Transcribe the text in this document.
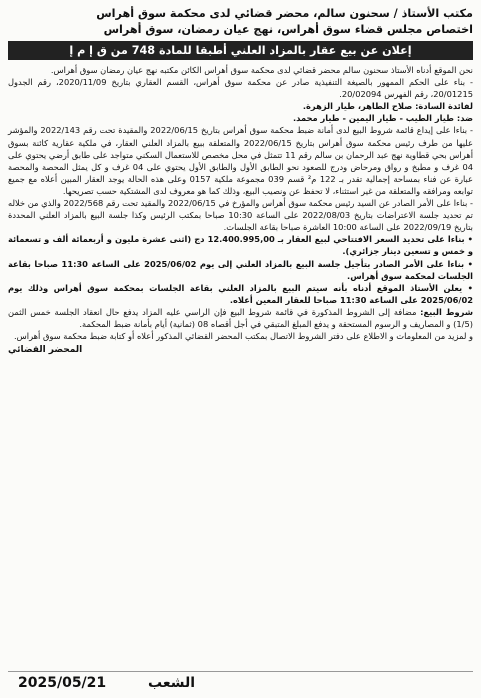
مكتب الأستاذ / سحنون سالم، محضر قضائي لدى محكمة سوق أهراس
اختصاص مجلس قضاء سوق أهراس، نهج عيان رمضان، سوق أهراس
إعلان عن بيع عقار بالمزاد العلني أطبقا للمادة 748 من ق إ م إ

نحن الموقع أدناه الأستاذ سحنون سالم محضر قضائي لدى محكمة سوق أهراس الكائن مكتبه نهج عيان رمضان سوق أهراس.

- بناء على الحكم الممهور بالصيغة التنفيذية صادر عن محكمة سوق أهراس، القسم العقاري بتاريخ 2020/11/09، رقم الجدول 20/01215، رقم الفهرس 20/02094.

لفائدة السادة: صلاح الطاهر، طيار الزهرة.

ضد: طيار الطيب - طيار اليمين - طيار محمد.

- بناءا على إيداع قائمة شروط البيع لدى أمانة ضبط محكمة سوق أهراس بتاريخ 2022/06/15 والمقيدة تحت رقم 2022/143 والمؤشر عليها من طرف رئيس محكمة سوق أهراس بتاريخ 2022/06/15 والمتعلقة ببيع بالمزاد العلني العقار، في ملكية عقارية كائنة بسوق أهراس بحي قطاوية نهج عبد الرحمان بن سالم رقم 11 تتمثل في محل مخصص للاستعمال السكني متواجد على طابق أرضي يحتوي على 04 غرف و مطبخ و رواق ومرحاض ودرج للصعود نحو الطابق الأول والطابق الأول يحتوي على 04 غرف و كل يمثل المحصة والمحصة عبارة عن فناء بمساحة إجمالية تقدر بـ 122 م² قسم 039 مجموعة ملكية 0157 وعلى هذه الحالة يوجد العقار المبين أعلاه مع جميع توابعه ومرافقه والمتعلقة من غير استثناء، لا تحفظ عن ونصيب البيع، وذلك كما هو معروف لدى المشتكية حسب تصريحها.

- بناءا على الأمر الصادر عن السيد رئيس محكمة سوق أهراس والمؤرخ في 2022/06/15 والمقيد تحت رقم 2022/568 والذي من خلاله تم تحديد جلسة الاعتراضات بتاريخ 2022/08/03 على الساعة 10:30 صباحا بمكتب الرئيس وكذا جلسة البيع بالمزاد العلني المحددة بتاريخ 2022/09/19 على الساعة 10:00 العاشرة صباحا بقاعة الجلسات.

• بناءا على تحديد السعر الافتتاحي لبيع العقار بـ 12.400.995,00 دج (اثنى عشرة مليون و أربعمائة ألف و تسعمائة و خمس و تسعين دينار جزائري).

• بناءا على الأمر الصادر بتأجيل جلسة البيع بالمزاد العلني إلى يوم 2025/06/02 على الساعة 11:30 صباحا بقاعة الجلسات لمحكمة سوق أهراس.

• يعلن الأستاذ الموقع أدناه بأنه سيتم البيع بالمزاد العلني بقاعة الجلسات بمحكمة سوق أهراس وذلك يوم 2025/06/02 على الساعة 11:30 صباحا للعقار المعين أعلاه.

شروط البيع: مضافة إلى الشروط المذكورة في قائمة شروط البيع فإن الراسي عليه المزاد يدفع حال انعقاد الجلسة خمس الثمن (1/5) و المصاريف و الرسوم المستحقة و يدفع المبلغ المتبقي في أجل أقصاه 08 (ثمانية) أيام بأمانة ضبط المحكمة.

و لمزيد من المعلومات و الاطلاع على دفتر الشروط الاتصال بمكتب المحضر القضائي المذكور أعلاه أو كتابة ضبط محكمة سوق أهراس.

المحضر القضائي
2025/05/21	الشعب
